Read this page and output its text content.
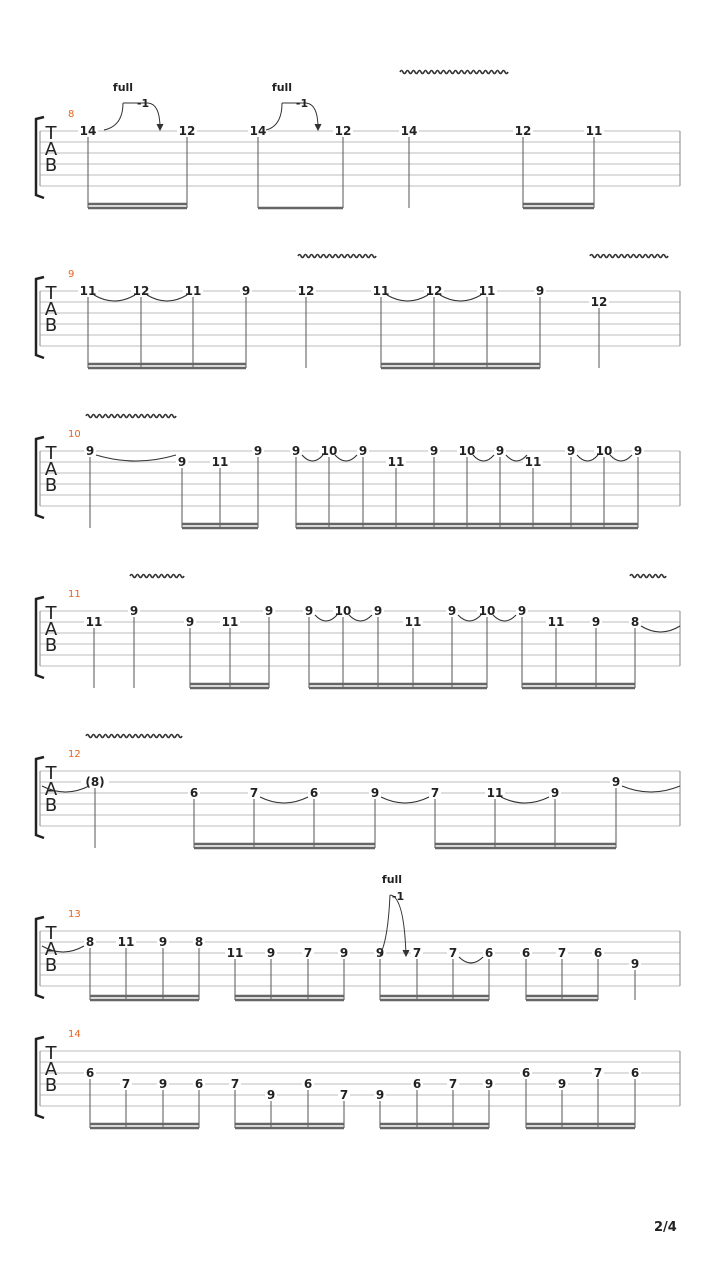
T
A
B
8
14	12	14	12	14	12	11
T
A
B
9
11	12	11	9	12	11	12	11	9
12
T
A
B
10
9
9 11
9 9 10 9
11
9 10 9
11
9 10 9
T
A
B
11
11
9
9 11
9	9 10 9
11
9 10 9
11 9	8
T
A
B
12
(8)
6	7	6	9	7	11	9
9
T
A
B
13
8 11 9 8
11 9 7 9 9 7 7 6 6 7 6
9
T
A
B
14
6
7 9 6 7
9
6
7 9
6 7 9
6
9
7 6
full
-1
full
-1
full
-1
2/4
